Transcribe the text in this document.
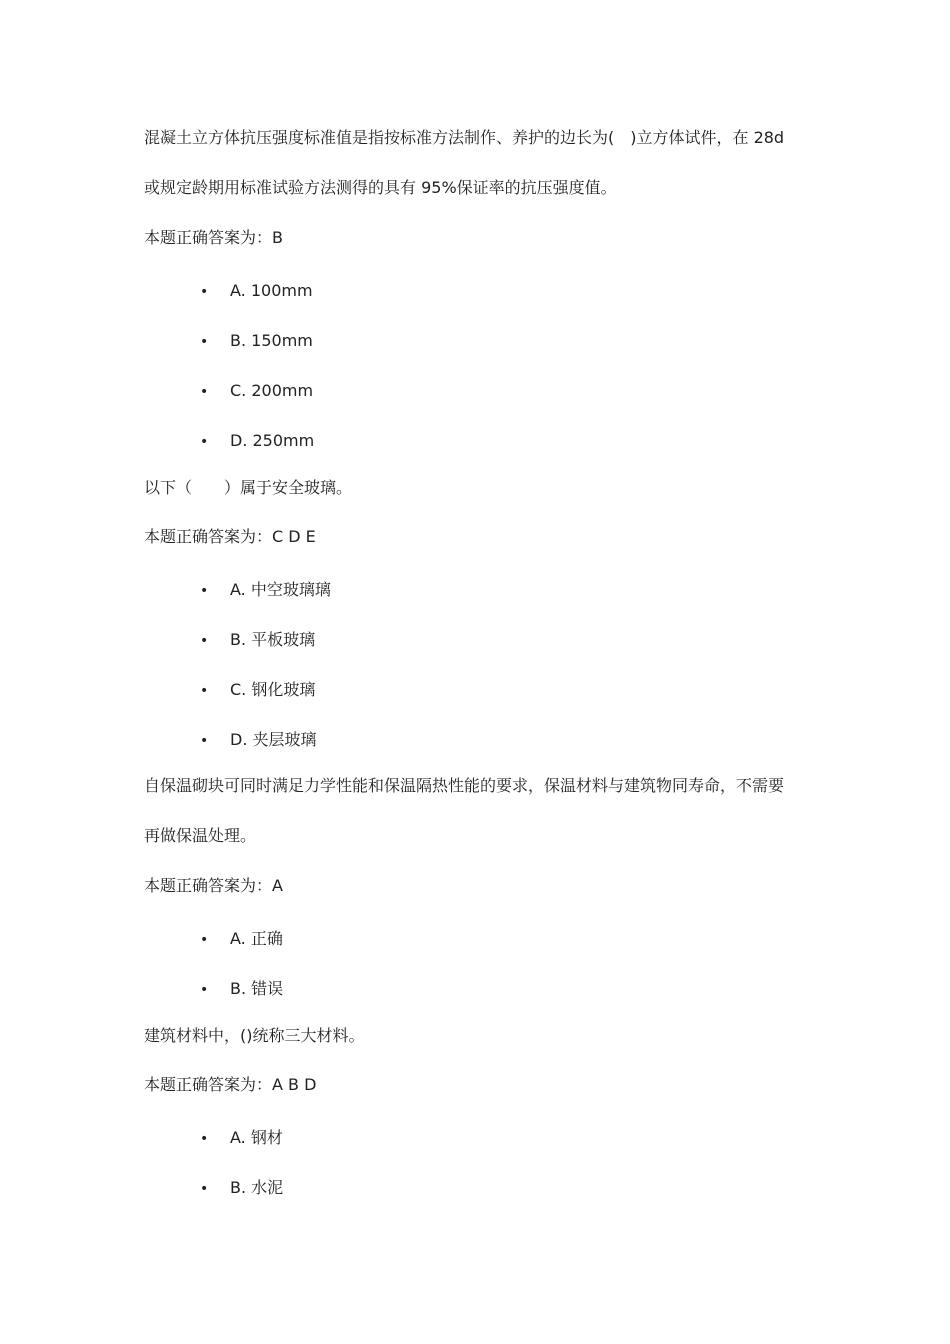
混凝土立方体抗压强度标准值是指按标准方法制作、养护的边长为(　)立方体试件，在 28d
或规定龄期用标准试验方法测得的具有 95%保证率的抗压强度值。
本题正确答案为：B
• A. 100mm
• B. 150mm
• C. 200mm
• D. 250mm
以下（　　）属于安全玻璃。
本题正确答案为：C D E
• A. 中空玻璃璃
• B. 平板玻璃
• C. 钢化玻璃
• D. 夹层玻璃
自保温砌块可同时满足力学性能和保温隔热性能的要求，保温材料与建筑物同寿命，不需要
再做保温处理。
本题正确答案为：A
• A. 正确
• B. 错误
建筑材料中，()统称三大材料。
本题正确答案为：A B D
• A. 钢材
• B. 水泥
